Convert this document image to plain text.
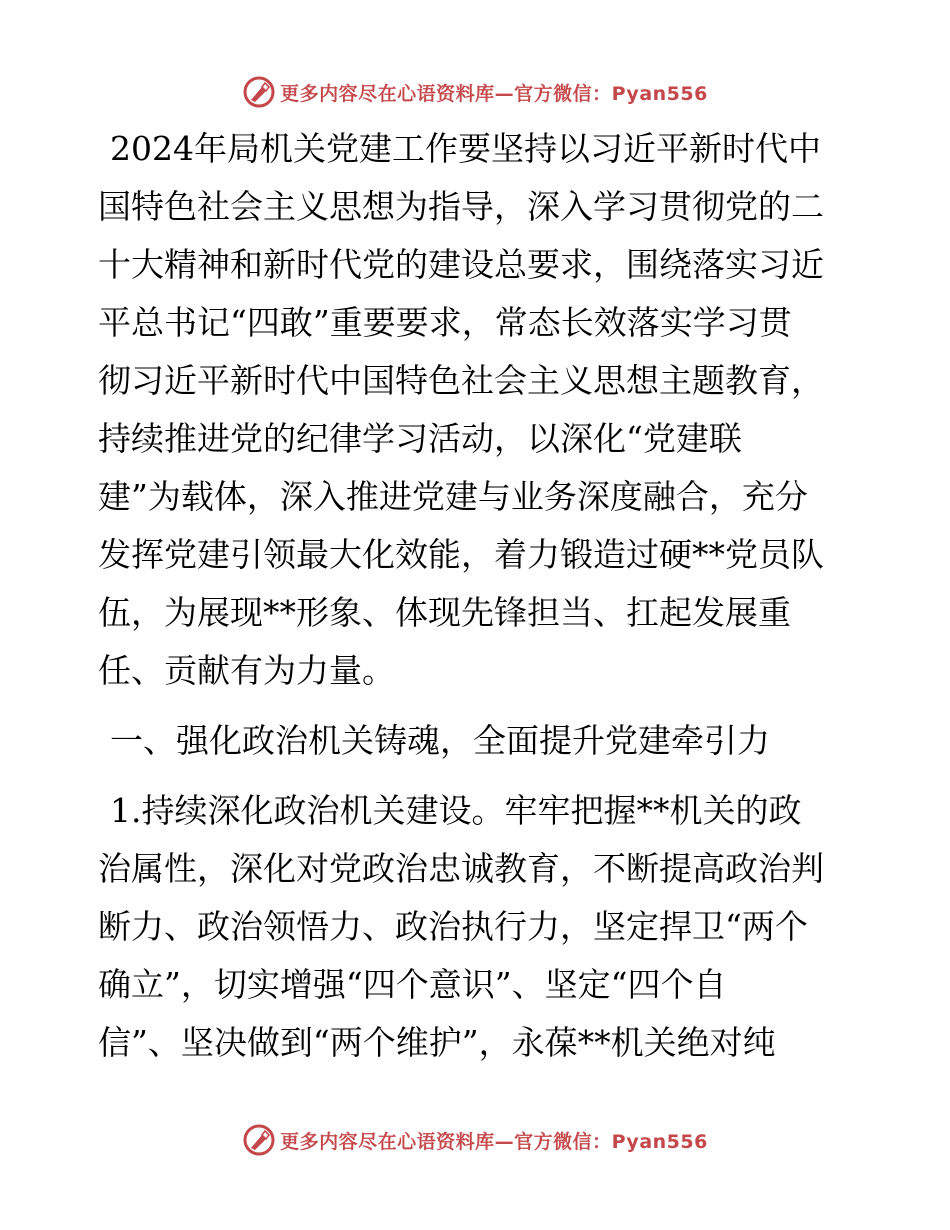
更多内容尽在心语资料库—官方微信：Pyan556
2024年局机关党建工作要坚持以习近平新时代中
国特色社会主义思想为指导，深入学习贯彻党的二
十大精神和新时代党的建设总要求，围绕落实习近
平总书记“四敢”重要要求，常态长效落实学习贯
彻习近平新时代中国特色社会主义思想主题教育，
持续推进党的纪律学习活动，以深化“党建联
建”为载体，深入推进党建与业务深度融合，充分
发挥党建引领最大化效能，着力锻造过硬**党员队
伍，为展现**形象、体现先锋担当、扛起发展重
任、贡献有为力量。
一、强化政治机关铸魂，全面提升党建牵引力
1.持续深化政治机关建设。牢牢把握**机关的政
治属性，深化对党政治忠诚教育，不断提高政治判
断力、政治领悟力、政治执行力，坚定捍卫“两个
确立”，切实增强“四个意识”、坚定“四个自
信”、坚决做到“两个维护”，永葆**机关绝对纯
更多内容尽在心语资料库—官方微信：Pyan556
